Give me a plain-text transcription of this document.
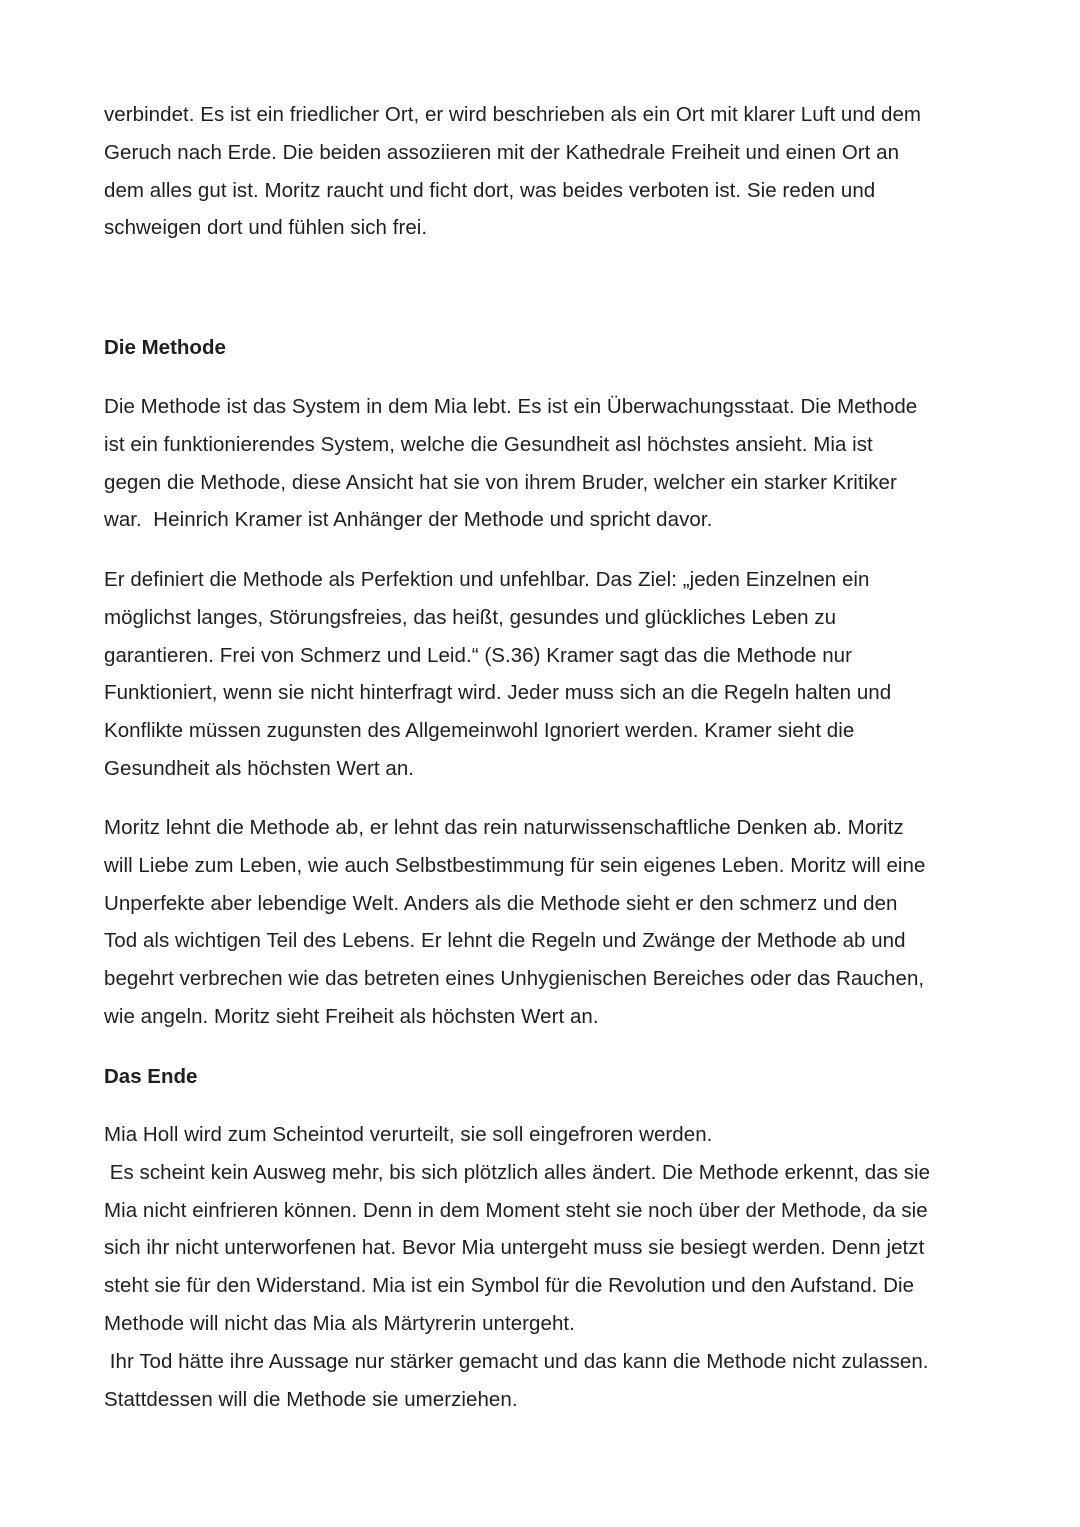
verbindet. Es ist ein friedlicher Ort, er wird beschrieben als ein Ort mit klarer Luft und dem
Geruch nach Erde. Die beiden assoziieren mit der Kathedrale Freiheit und einen Ort an
dem alles gut ist. Moritz raucht und ficht dort, was beides verboten ist. Sie reden und
schweigen dort und fühlen sich frei.
Die Methode
Die Methode ist das System in dem Mia lebt. Es ist ein Überwachungsstaat. Die Methode
ist ein funktionierendes System, welche die Gesundheit asl höchstes ansieht. Mia ist
gegen die Methode, diese Ansicht hat sie von ihrem Bruder, welcher ein starker Kritiker
war.  Heinrich Kramer ist Anhänger der Methode und spricht davor.
Er definiert die Methode als Perfektion und unfehlbar. Das Ziel: „jeden Einzelnen ein
möglichst langes, Störungsfreies, das heißt, gesundes und glückliches Leben zu
garantieren. Frei von Schmerz und Leid.“ (S.36) Kramer sagt das die Methode nur
Funktioniert, wenn sie nicht hinterfragt wird. Jeder muss sich an die Regeln halten und
Konflikte müssen zugunsten des Allgemeinwohl Ignoriert werden. Kramer sieht die
Gesundheit als höchsten Wert an.
Moritz lehnt die Methode ab, er lehnt das rein naturwissenschaftliche Denken ab. Moritz
will Liebe zum Leben, wie auch Selbstbestimmung für sein eigenes Leben. Moritz will eine
Unperfekte aber lebendige Welt. Anders als die Methode sieht er den schmerz und den
Tod als wichtigen Teil des Lebens. Er lehnt die Regeln und Zwänge der Methode ab und
begehrt verbrechen wie das betreten eines Unhygienischen Bereiches oder das Rauchen,
wie angeln. Moritz sieht Freiheit als höchsten Wert an.
Das Ende
Mia Holl wird zum Scheintod verurteilt, sie soll eingefroren werden.
Es scheint kein Ausweg mehr, bis sich plötzlich alles ändert. Die Methode erkennt, das sie
Mia nicht einfrieren können. Denn in dem Moment steht sie noch über der Methode, da sie
sich ihr nicht unterworfenen hat. Bevor Mia untergeht muss sie besiegt werden. Denn jetzt
steht sie für den Widerstand. Mia ist ein Symbol für die Revolution und den Aufstand. Die
Methode will nicht das Mia als Märtyrerin untergeht.
Ihr Tod hätte ihre Aussage nur stärker gemacht und das kann die Methode nicht zulassen.
Stattdessen will die Methode sie umerziehen.
